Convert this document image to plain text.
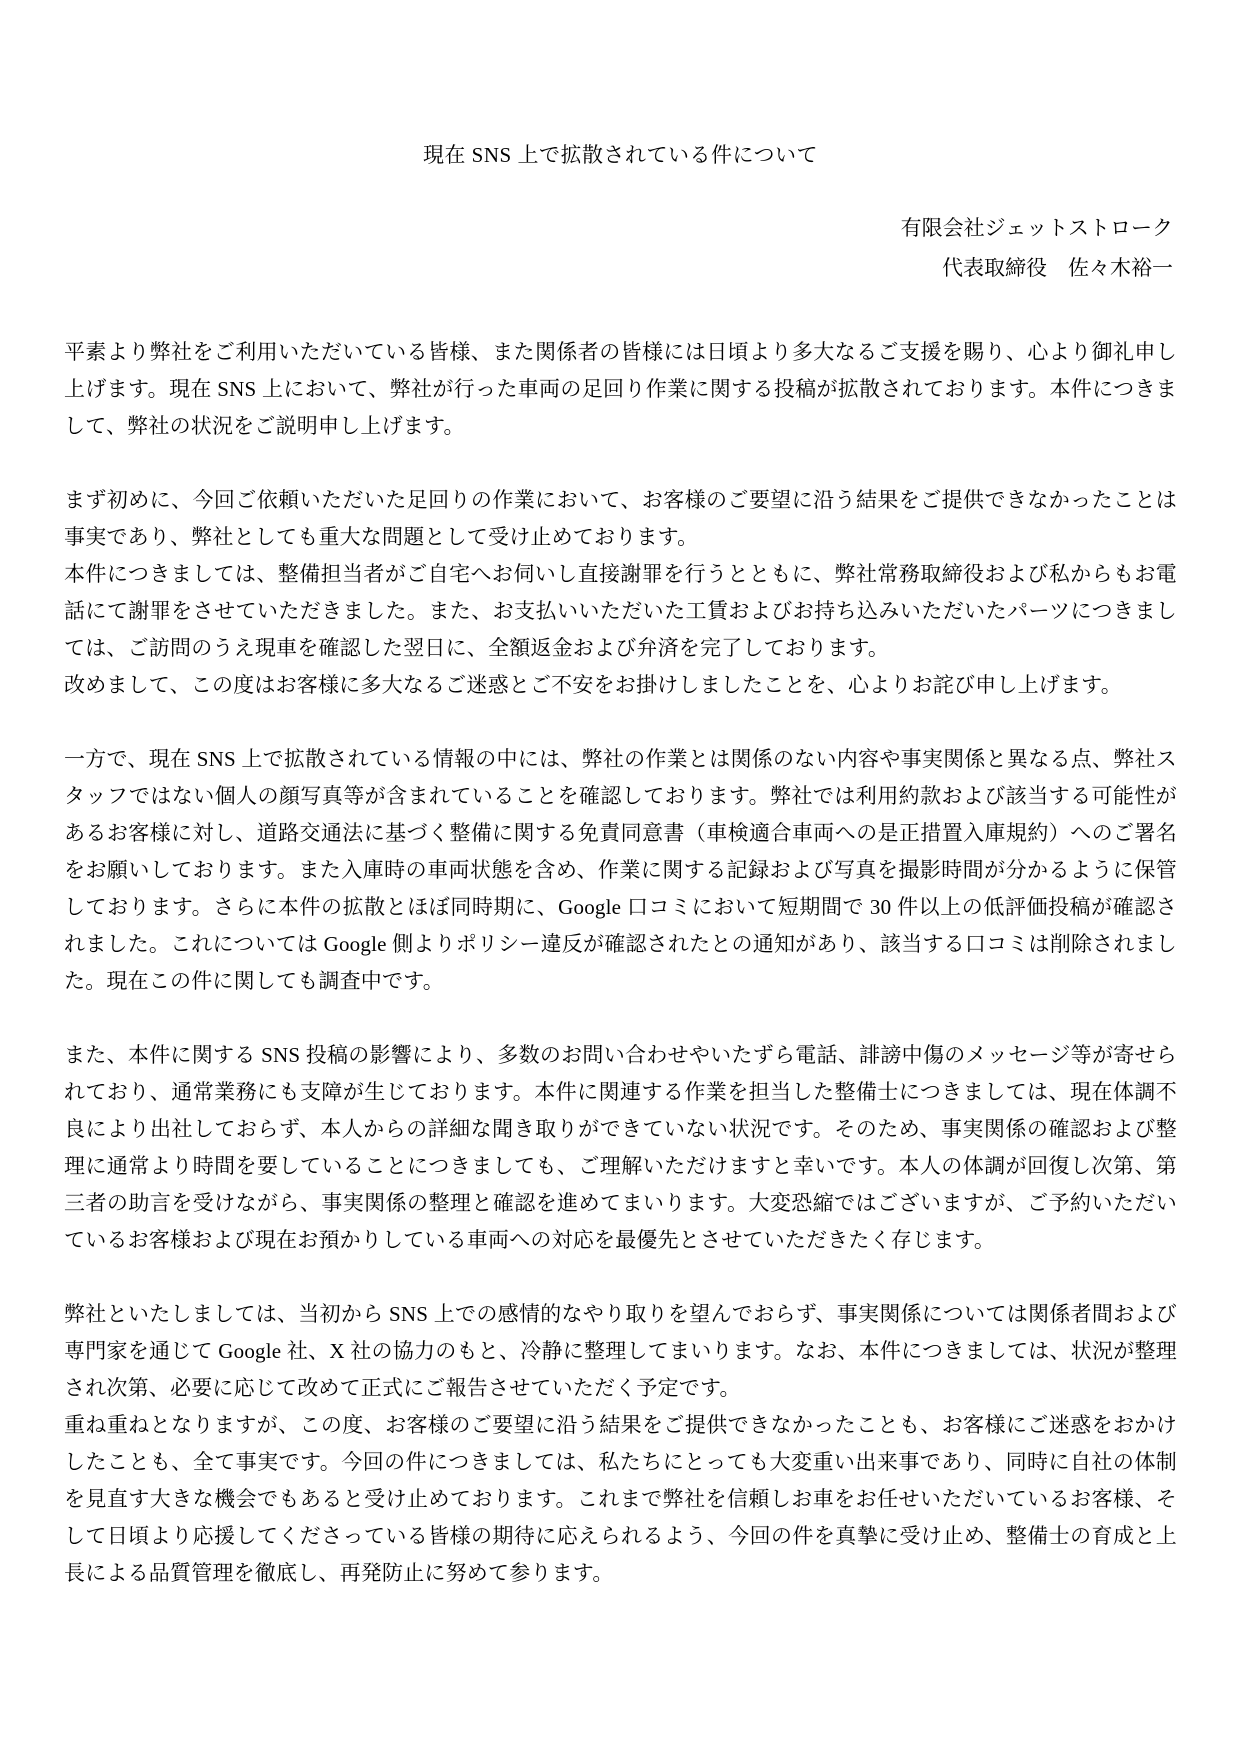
現在 SNS 上で拡散されている件について
有限会社ジェットストローク
代表取締役　佐々木裕一
平素より弊社をご利用いただいている皆様、また関係者の皆様には日頃より多大なるご支援を賜り、心より御礼申し上げます。現在 SNS 上において、弊社が行った車両の足回り作業に関する投稿が拡散されております。本件につきまして、弊社の状況をご説明申し上げます。
まず初めに、今回ご依頼いただいた足回りの作業において、お客様のご要望に沿う結果をご提供できなかったことは事実であり、弊社としても重大な問題として受け止めております。
本件につきましては、整備担当者がご自宅へお伺いし直接謝罪を行うとともに、弊社常務取締役および私からもお電話にて謝罪をさせていただきました。また、お支払いいただいた工賃およびお持ち込みいただいたパーツにつきましては、ご訪問のうえ現車を確認した翌日に、全額返金および弁済を完了しております。
改めまして、この度はお客様に多大なるご迷惑とご不安をお掛けしましたことを、心よりお詫び申し上げます。
一方で、現在 SNS 上で拡散されている情報の中には、弊社の作業とは関係のない内容や事実関係と異なる点、弊社スタッフではない個人の顔写真等が含まれていることを確認しております。弊社では利用約款および該当する可能性があるお客様に対し、道路交通法に基づく整備に関する免責同意書（車検適合車両への是正措置入庫規約）へのご署名をお願いしております。また入庫時の車両状態を含め、作業に関する記録および写真を撮影時間が分かるように保管しております。さらに本件の拡散とほぼ同時期に、Google 口コミにおいて短期間で 30 件以上の低評価投稿が確認されました。これについては Google 側よりポリシー違反が確認されたとの通知があり、該当する口コミは削除されました。現在この件に関しても調査中です。
また、本件に関する SNS 投稿の影響により、多数のお問い合わせやいたずら電話、誹謗中傷のメッセージ等が寄せられており、通常業務にも支障が生じております。本件に関連する作業を担当した整備士につきましては、現在体調不良により出社しておらず、本人からの詳細な聞き取りができていない状況です。そのため、事実関係の確認および整理に通常より時間を要していることにつきましても、ご理解いただけますと幸いです。本人の体調が回復し次第、第三者の助言を受けながら、事実関係の整理と確認を進めてまいります。大変恐縮ではございますが、ご予約いただいているお客様および現在お預かりしている車両への対応を最優先とさせていただきたく存じます。
弊社といたしましては、当初から SNS 上での感情的なやり取りを望んでおらず、事実関係については関係者間および専門家を通じて Google 社、X 社の協力のもと、冷静に整理してまいります。なお、本件につきましては、状況が整理され次第、必要に応じて改めて正式にご報告させていただく予定です。
重ね重ねとなりますが、この度、お客様のご要望に沿う結果をご提供できなかったことも、お客様にご迷惑をおかけしたことも、全て事実です。今回の件につきましては、私たちにとっても大変重い出来事であり、同時に自社の体制を見直す大きな機会でもあると受け止めております。これまで弊社を信頼しお車をお任せいただいているお客様、そして日頃より応援してくださっている皆様の期待に応えられるよう、今回の件を真摯に受け止め、整備士の育成と上長による品質管理を徹底し、再発防止に努めて参ります。
